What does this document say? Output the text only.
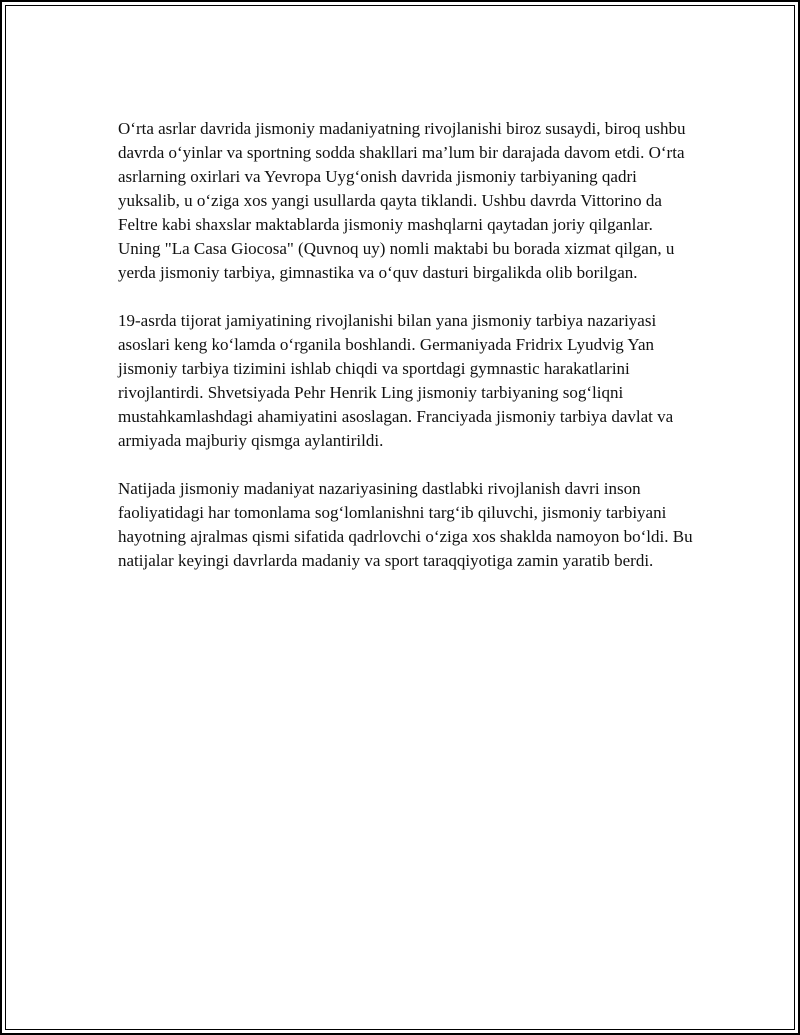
O‘rta asrlar davrida jismoniy madaniyatning rivojlanishi biroz susaydi, biroq ushbu davrda o‘yinlar va sportning sodda shakllari ma’lum bir darajada davom etdi. O‘rta asrlarning oxirlari va Yevropa Uyg‘onish davrida jismoniy tarbiyaning qadri yuksalib, u o‘ziga xos yangi usullarda qayta tiklandi. Ushbu davrda Vittorino da Feltre kabi shaxslar maktablarda jismoniy mashqlarni qaytadan joriy qilganlar. Uning "La Casa Giocosa" (Quvnoq uy) nomli maktabi bu borada xizmat qilgan, u yerda jismoniy tarbiya, gimnastika va o‘quv dasturi birgalikda olib borilgan.

19-asrda tijorat jamiyatining rivojlanishi bilan yana jismoniy tarbiya nazariyasi asoslari keng ko‘lamda o‘rganila boshlandi. Germaniyada Fridrix Lyudvig Yan jismoniy tarbiya tizimini ishlab chiqdi va sportdagi gymnastic harakatlarini rivojlantirdi. Shvetsiyada Pehr Henrik Ling jismoniy tarbiyaning sog‘liqni mustahkamlashdagi ahamiyatini asoslagan. Franciyada jismoniy tarbiya davlat va armiyada majburiy qismga aylantirildi.

Natijada jismoniy madaniyat nazariyasining dastlabki rivojlanish davri inson faoliyatidagi har tomonlama sog‘lomlanishni targ‘ib qiluvchi, jismoniy tarbiyani hayotning ajralmas qismi sifatida qadrlovchi o‘ziga xos shaklda namoyon bo‘ldi. Bu natijalar keyingi davrlarda madaniy va sport taraqqiyotiga zamin yaratib berdi.
